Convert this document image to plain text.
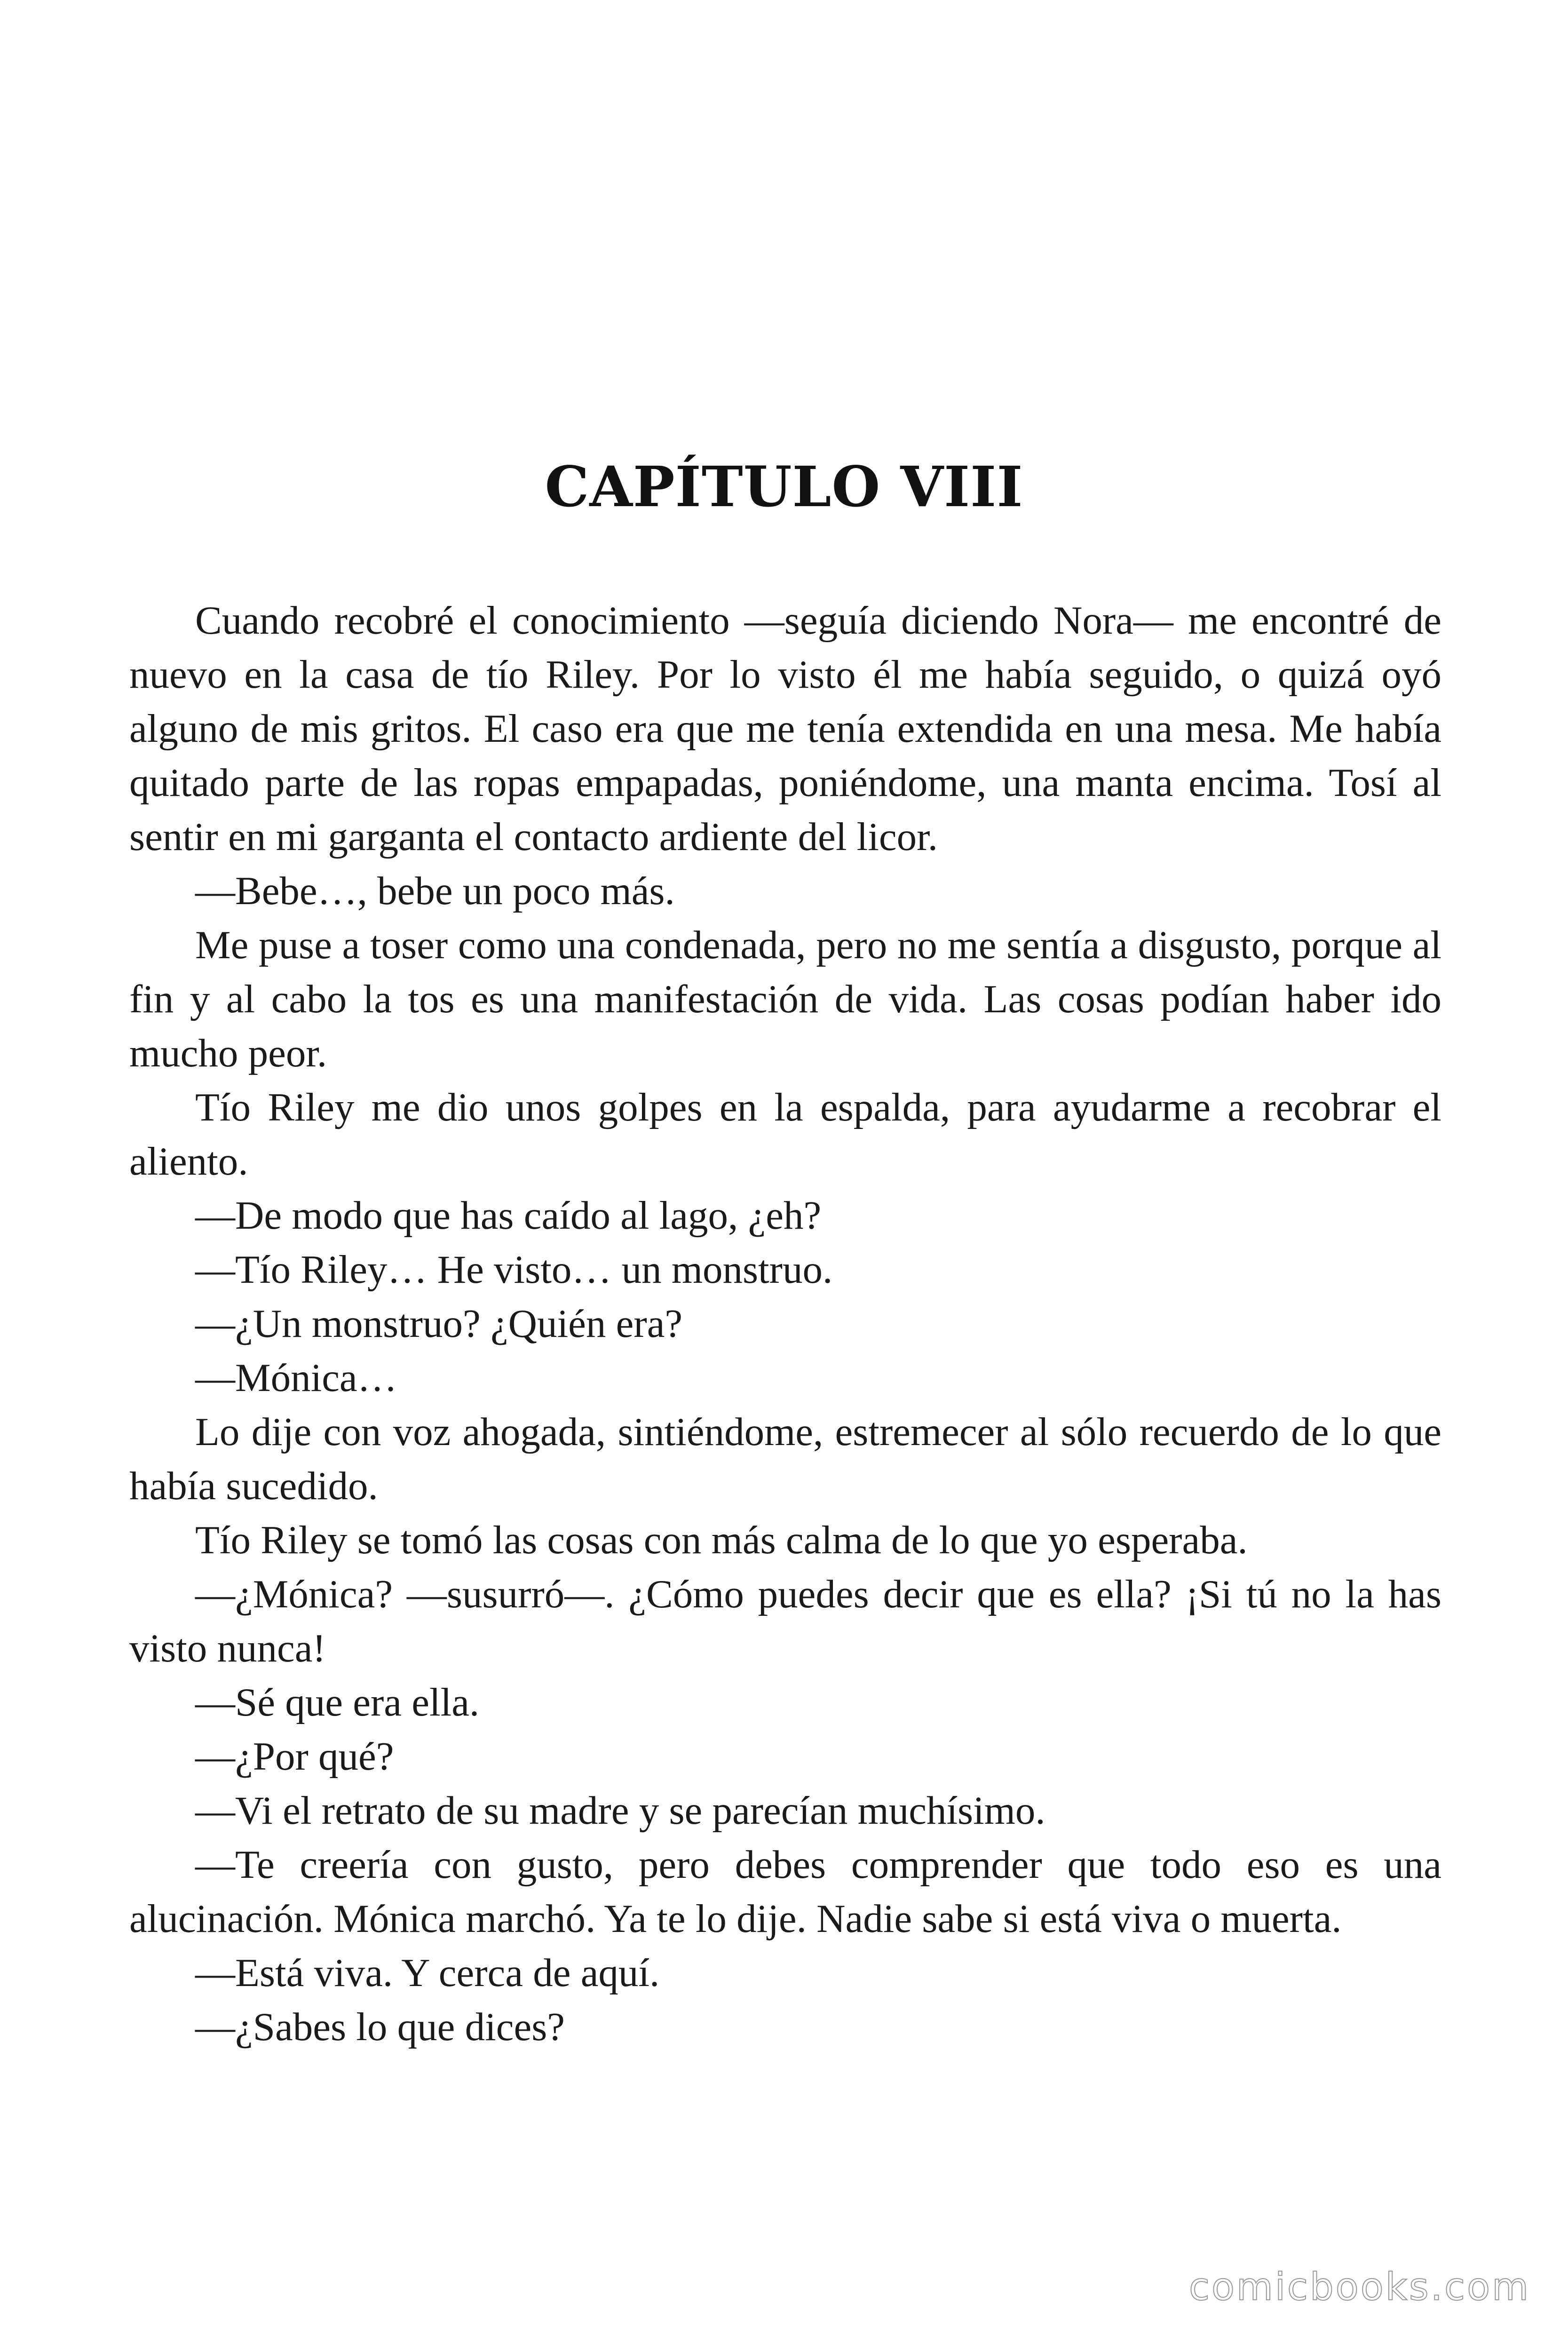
CAPÍTULO VIII

Cuando recobré el conocimiento —seguía diciendo Nora— me encontré de nuevo en la casa de tío Riley. Por lo visto él me había seguido, o quizá oyó alguno de mis gritos. El caso era que me tenía extendida en una mesa. Me había quitado parte de las ropas empapadas, poniéndome, una manta encima. Tosí al sentir en mi garganta el contacto ardiente del licor.

—Bebe…, bebe un poco más.

Me puse a toser como una condenada, pero no me sentía a disgusto, porque al fin y al cabo la tos es una manifestación de vida. Las cosas podían haber ido mucho peor.

Tío Riley me dio unos golpes en la espalda, para ayudarme a recobrar el aliento.

—De modo que has caído al lago, ¿eh?

—Tío Riley… He visto… un monstruo.

—¿Un monstruo? ¿Quién era?

—Mónica…

Lo dije con voz ahogada, sintiéndome, estremecer al sólo recuerdo de lo que había sucedido.

Tío Riley se tomó las cosas con más calma de lo que yo esperaba.

—¿Mónica? —susurró—. ¿Cómo puedes decir que es ella? ¡Si tú no la has visto nunca!

—Sé que era ella.

—¿Por qué?

—Vi el retrato de su madre y se parecían muchísimo.

—Te creería con gusto, pero debes comprender que todo eso es una alucinación. Mónica marchó. Ya te lo dije. Nadie sabe si está viva o muerta.

—Está viva. Y cerca de aquí.

—¿Sabes lo que dices?

comicbooks.com
